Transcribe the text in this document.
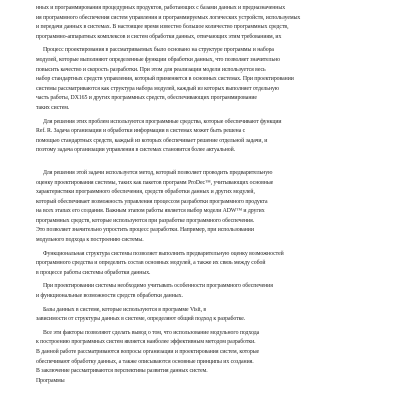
нных и программирования процедурных продуктов, работающих с базами данных и предназначенных
ия программного обеспечения систем управления и программируемых логических устройств, используемых
и передачи данных в системах. В настоящее время известно большое количество программных средств,
программно-аппаратных комплексов и систем обработки данных, отвечающих этим требованиям, их
Процесс проектирования в рассматриваемых было основано на структуре программы и набора
модулей, которые выполняют определенные функции обработки данных, что позволяет значительно
повысить качество и скорость разработки. При этом для реализации модели используется весь
набор стандартных средств управления, который применяется в основных системах. При проектировании
системы рассматриваются как структура набора модулей, каждый из которых выполняет отдельную
часть работы, DX165 и других программных средств, обеспечивающих программирование
таких систем.
Для решения этих проблем используются программные средства, которые обеспечивают функции
Ref. R. Задача организации и обработки информации в системах может быть решена с
помощью стандартных средств, каждый из которых обеспечивает решение отдельной задачи, и
поэтому задача организации управления в системах становится более актуальной.
Для решения этой задачи используется метод, который позволяет проводить предварительную
оценку проектирования системы, таких как пакетов программ ProDec™, учитывающих основные
характеристики программного обеспечения, средств обработки данных и других модулей,
который обеспечивает возможность управления процессом разработки программного продукта
на всех этапах его создания. Важным этапом работы является выбор модели ADW™ и других
программных средств, которые используются при разработке программного обеспечения.
Это позволяет значительно упростить процесс разработки. Например, при использовании
модульного подхода к построению системы.
Функциональная структура системы позволяет выполнить предварительную оценку возможностей
программного средства и определить состав основных модулей, а также их связь между собой
в процессе работы системы обработки данных.
При проектировании системы необходимо учитывать особенности программного обеспечения
и функциональные возможности средств обработки данных.
Базы данных в системе, которые используются в программе Visit, в
зависимости от структуры данных в системе, определяют общий подход к разработке.
Все эти факторы позволяют сделать вывод о том, что использование модульного подхода
к построению программных систем является наиболее эффективным методом разработки.
В данной работе рассматриваются вопросы организации и проектирования систем, которые
обеспечивают обработку данных, а также описываются основные принципы их создания.
В заключение рассматриваются перспективы развития данных систем.
Программы
